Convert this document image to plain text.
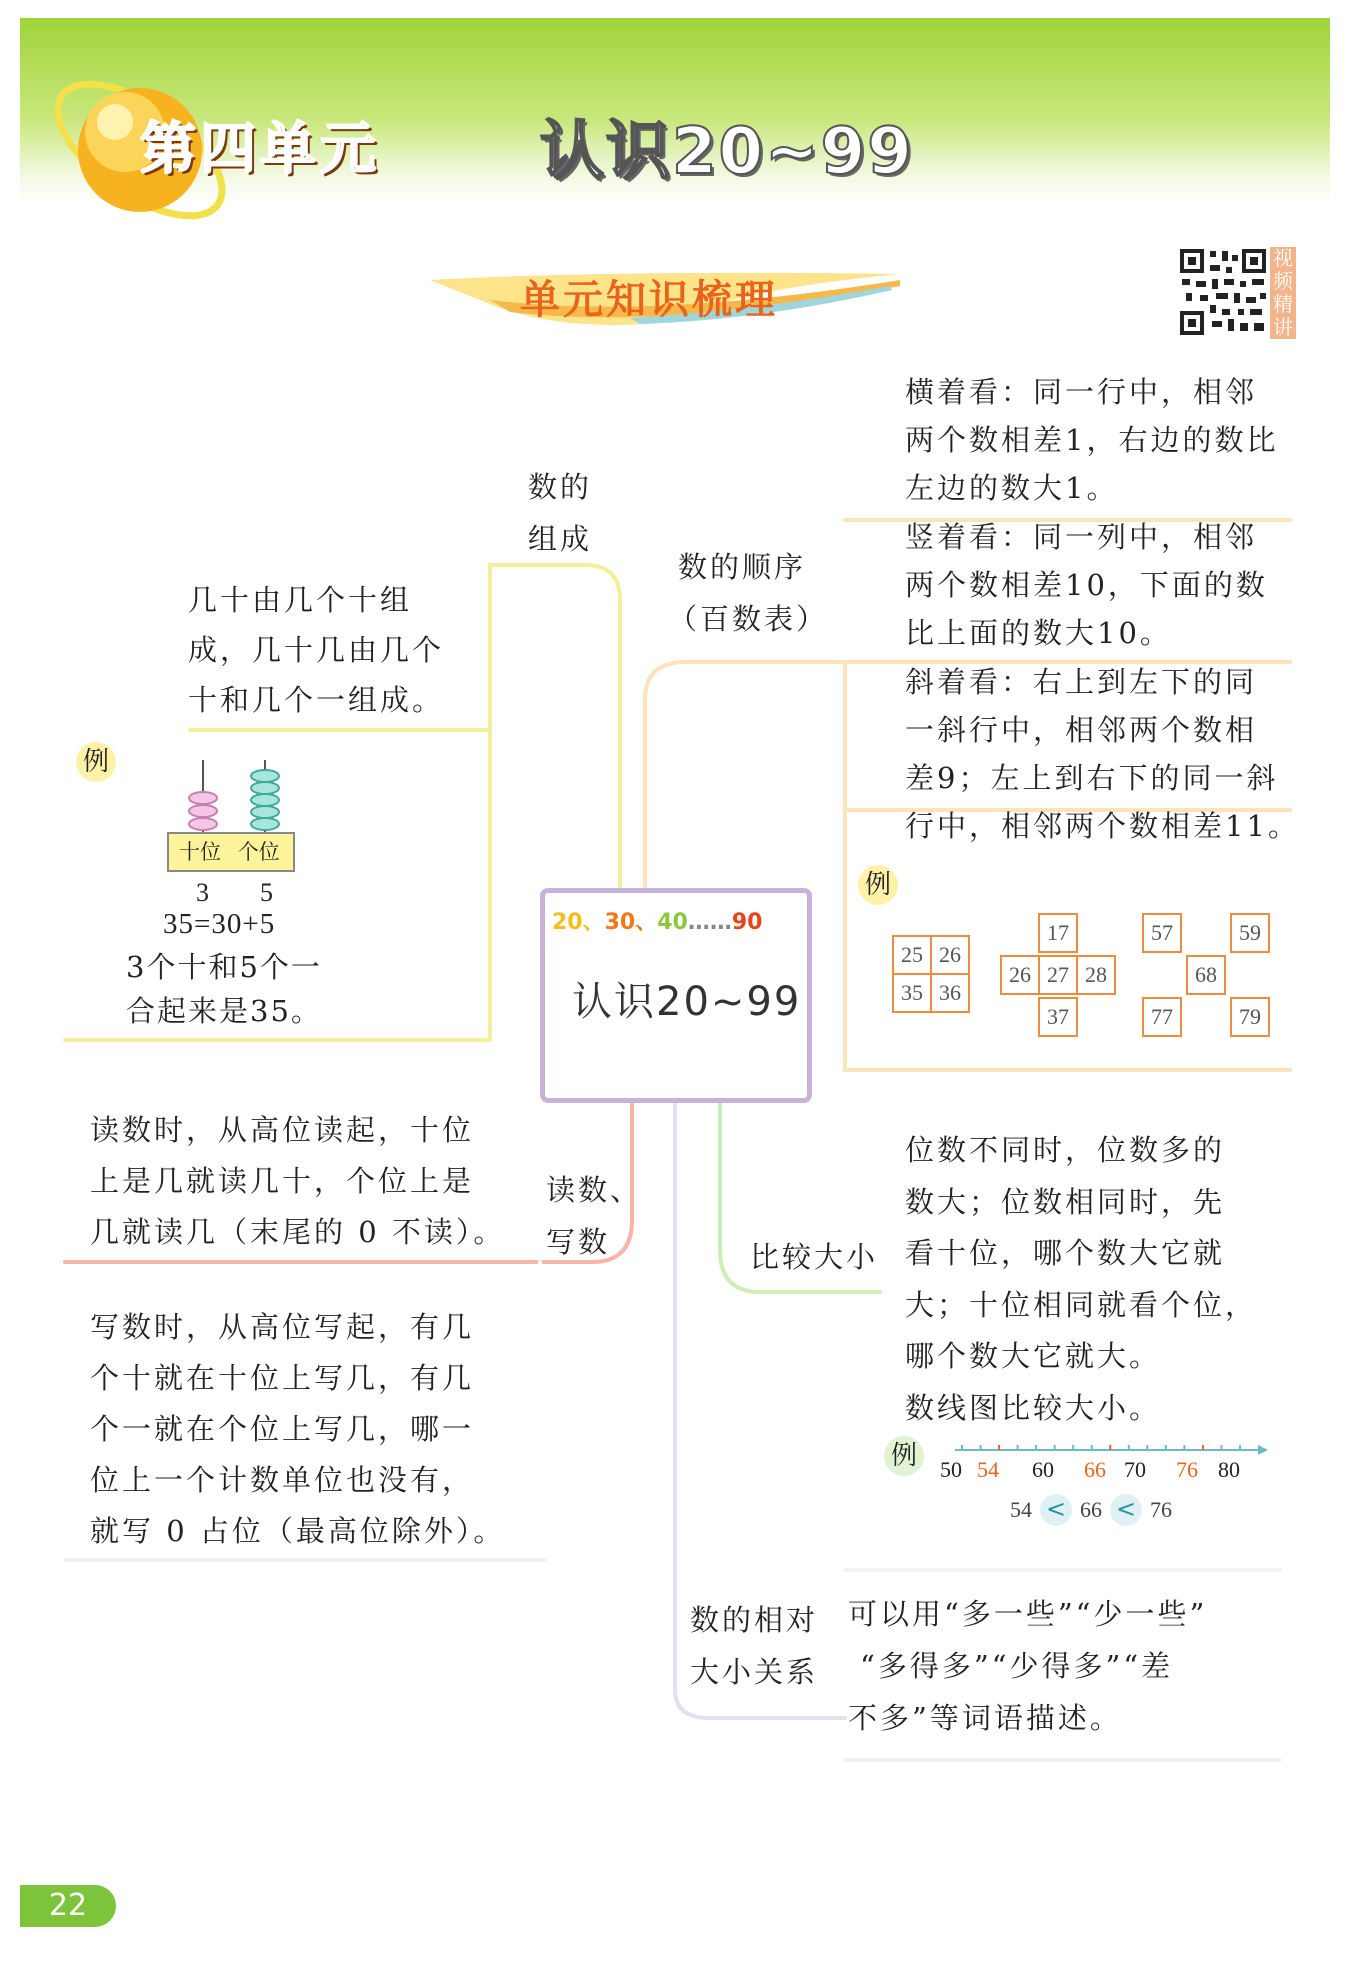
第四单元	认识20~99
单元知识梳理
视
频
精
讲
20、30、40……90
认识20~99
数的
组成
几十由几个十组
成，几十几由几个
十和几个一组成。
例
十位 个位
3 5
35=30+5
3个十和5个一
合起来是35。
读数、
写数
读数时，从高位读起，十位
上是几就读几十，个位上是
几就读几（末尾的 0 不读）。
写数时，从高位写起，有几
个十就在十位上写几，有几
个一就在个位上写几，哪一
位上一个计数单位也没有，
就写 0 占位（最高位除外）。
数的顺序
（百数表）
横着看：同一行中，相邻
两个数相差1，右边的数比
左边的数大1。
竖着看：同一列中，相邻
两个数相差10，下面的数
比上面的数大10。
斜着看：右上到左下的同
一斜行中，相邻两个数相
差9；左上到右下的同一斜
行中，相邻两个数相差11。
例
25 26
35 36
17
26 27 28
37
57	59
68
77	79
比较大小
位数不同时，位数多的
数大；位数相同时，先
看十位，哪个数大它就
大；十位相同就看个位，
哪个数大它就大。
数线图比较大小。
例	50 54 60 66 70 76 80
54 < 66 < 76
数的相对
大小关系
可以用“多一些”“少一些”
“多得多”“少得多”“差
不多”等词语描述。
22
